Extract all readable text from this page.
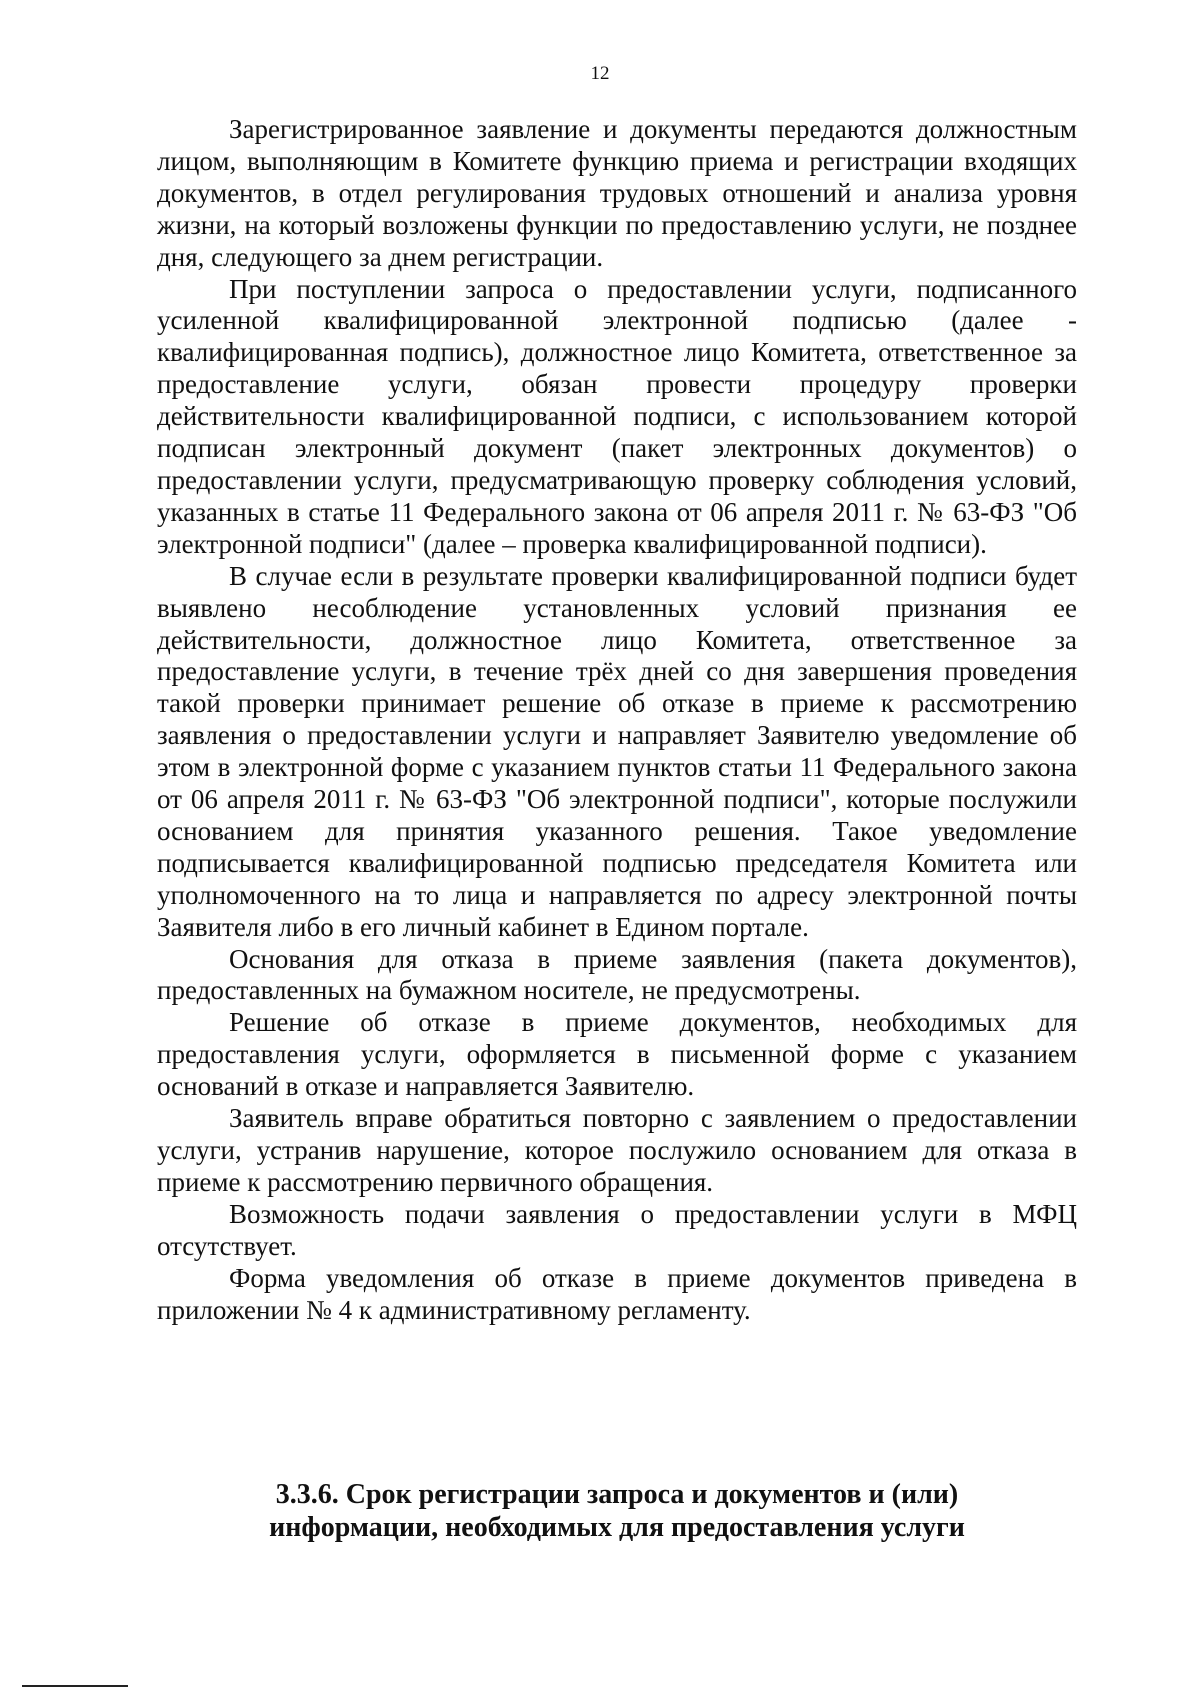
12

Зарегистрированное заявление и документы передаются должностным лицом, выполняющим в Комитете функцию приема и регистрации входящих документов, в отдел регулирования трудовых отношений и анализа уровня жизни, на который возложены функции по предоставлению услуги, не позднее дня, следующего за днем регистрации.

При поступлении запроса о предоставлении услуги, подписанного усиленной квалифицированной электронной подписью (далее - квалифицированная подпись), должностное лицо Комитета, ответственное за предоставление услуги, обязан провести процедуру проверки действительности квалифицированной подписи, с использованием которой подписан электронный документ (пакет электронных документов) о предоставлении услуги, предусматривающую проверку соблюдения условий, указанных в статье 11 Федерального закона от 06 апреля 2011 г. № 63-ФЗ "Об электронной подписи" (далее – проверка квалифицированной подписи).

В случае если в результате проверки квалифицированной подписи будет выявлено несоблюдение установленных условий признания ее действительности, должностное лицо Комитета, ответственное за предоставление услуги, в течение трёх дней со дня завершения проведения такой проверки принимает решение об отказе в приеме к рассмотрению заявления о предоставлении услуги и направляет Заявителю уведомление об этом в электронной форме с указанием пунктов статьи 11 Федерального закона от 06 апреля 2011 г. № 63-ФЗ "Об электронной подписи", которые послужили основанием для принятия указанного решения. Такое уведомление подписывается квалифицированной подписью председателя Комитета или уполномоченного на то лица и направляется по адресу электронной почты Заявителя либо в его личный кабинет в Едином портале.

Основания для отказа в приеме заявления (пакета документов), предоставленных на бумажном носителе, не предусмотрены.

Решение об отказе в приеме документов, необходимых для предоставления услуги, оформляется в письменной форме с указанием оснований в отказе и направляется Заявителю.

Заявитель вправе обратиться повторно с заявлением о предоставлении услуги, устранив нарушение, которое послужило основанием для отказа в приеме к рассмотрению первичного обращения.

Возможность подачи заявления о предоставлении услуги в МФЦ отсутствует.

Форма уведомления об отказе в приеме документов приведена в приложении № 4 к административному регламенту.

3.3.6. Срок регистрации запроса и документов и (или)
информации, необходимых для предоставления услуги
